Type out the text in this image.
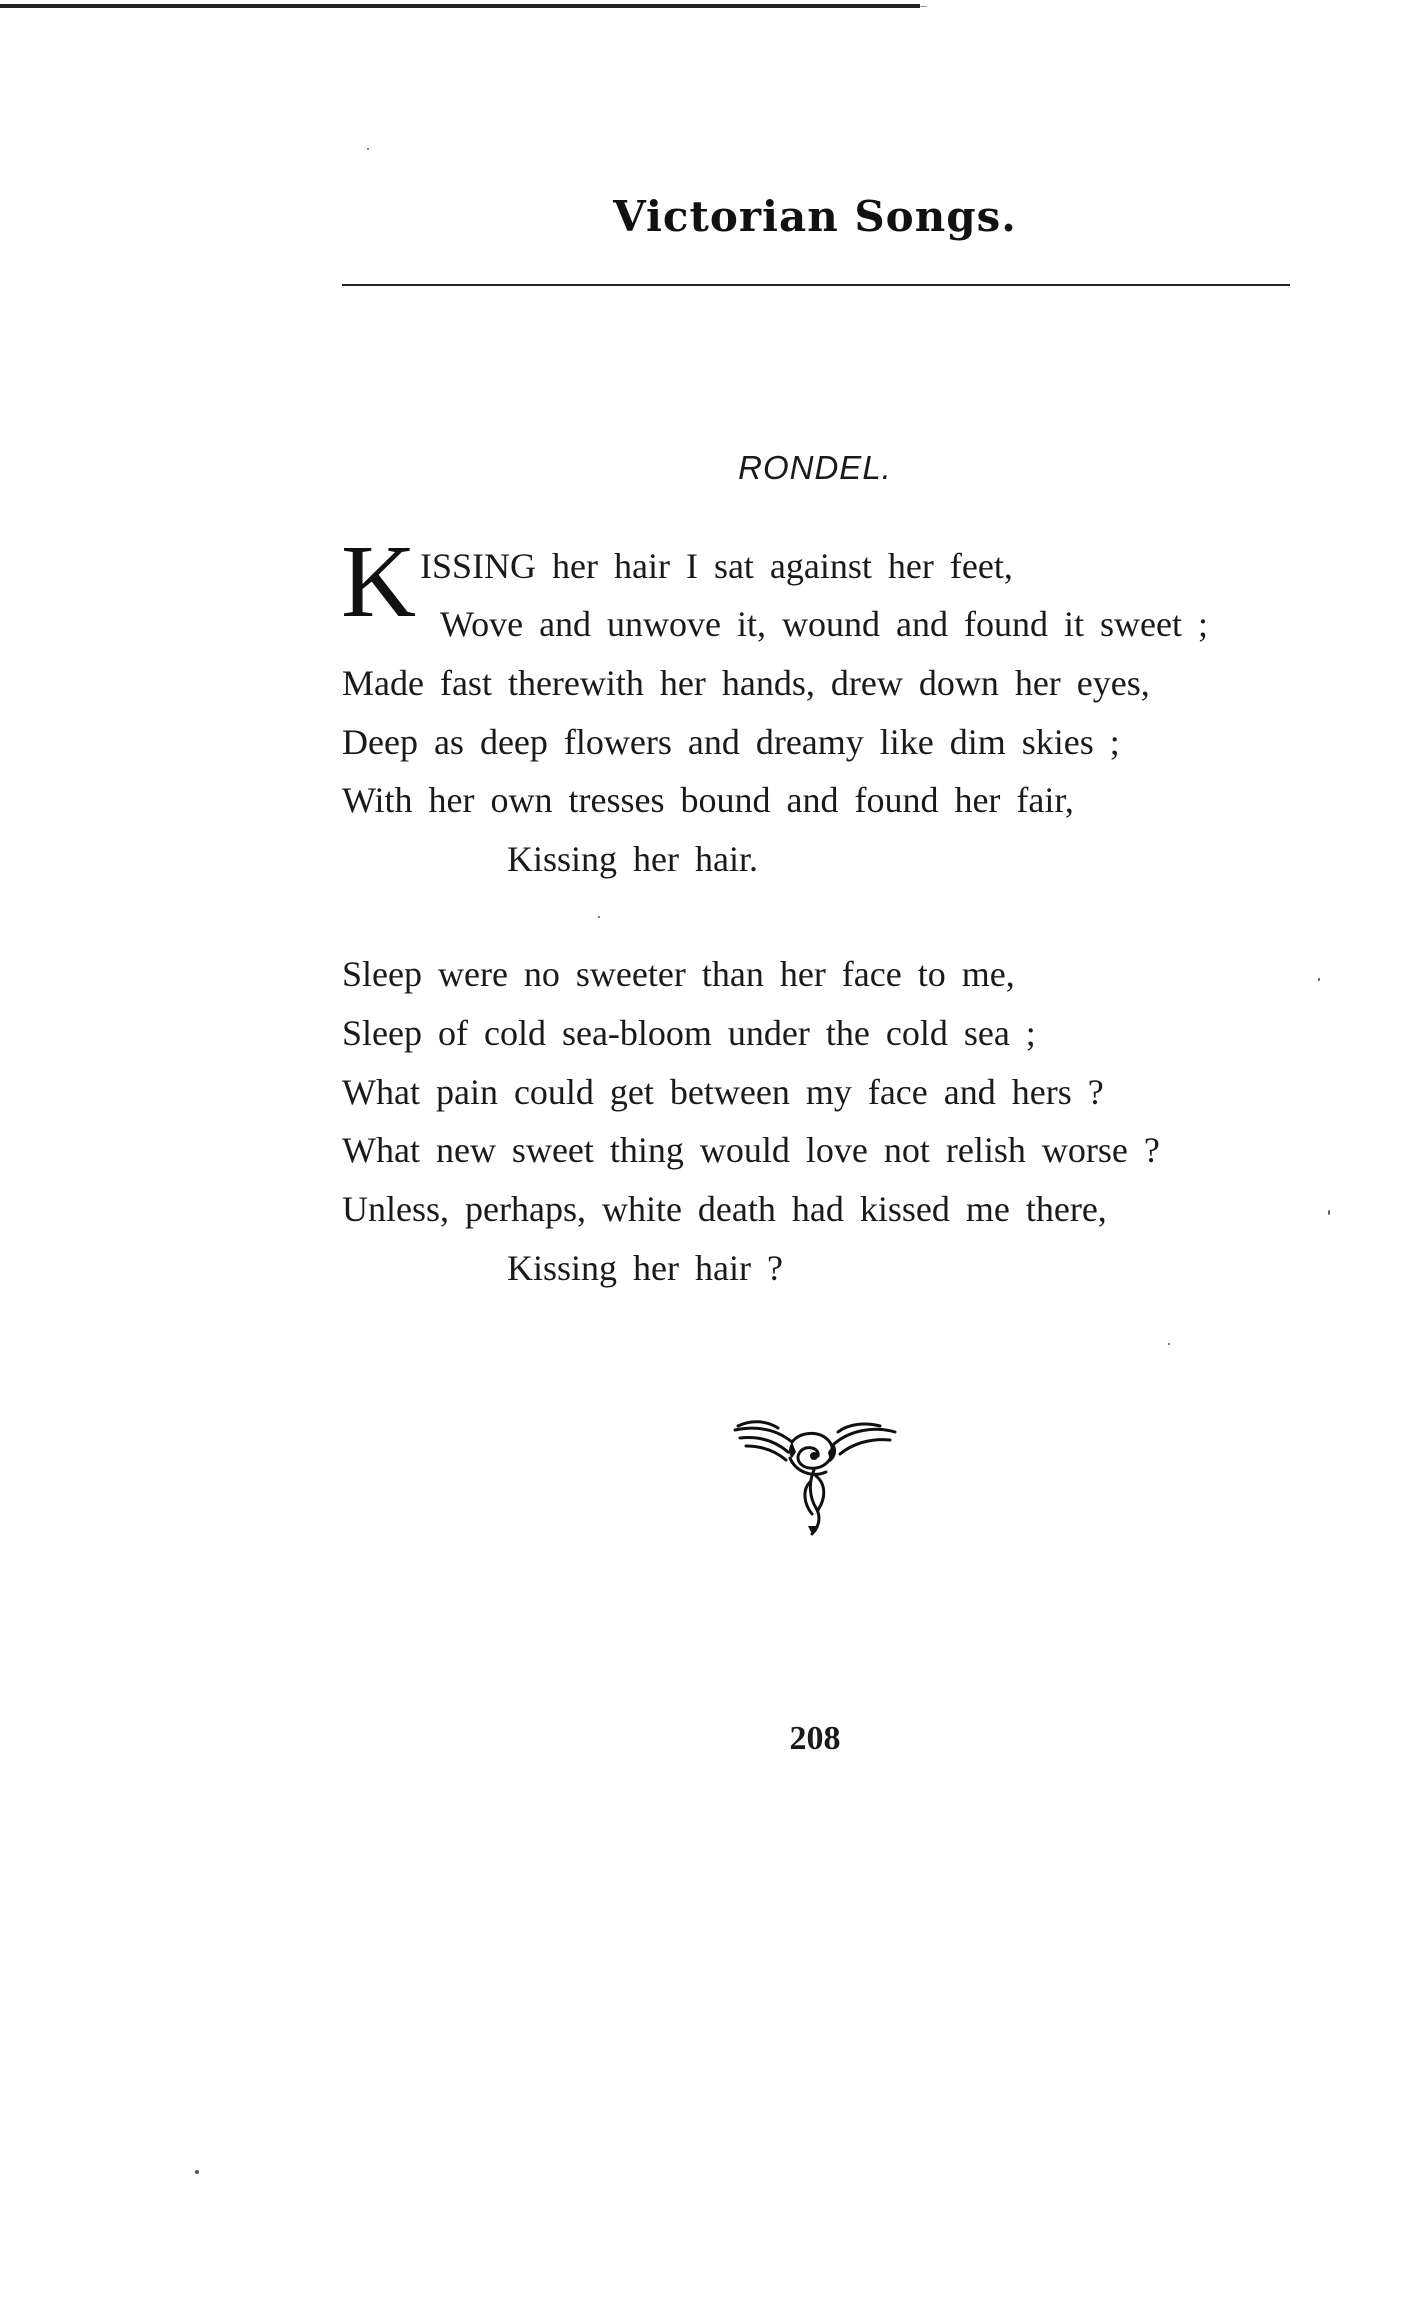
Victorian Songs.
RONDEL.
K ISSING her hair I sat against her feet,
Wove and unwove it, wound and found it sweet ;
Made fast therewith her hands, drew down her eyes,
Deep as deep flowers and dreamy like dim skies ;
With her own tresses bound and found her fair,
Kissing her hair.
Sleep were no sweeter than her face to me,
Sleep of cold sea-bloom under the cold sea ;
What pain could get between my face and hers ?
What new sweet thing would love not relish worse ?
Unless, perhaps, white death had kissed me there,
Kissing her hair ?
208
